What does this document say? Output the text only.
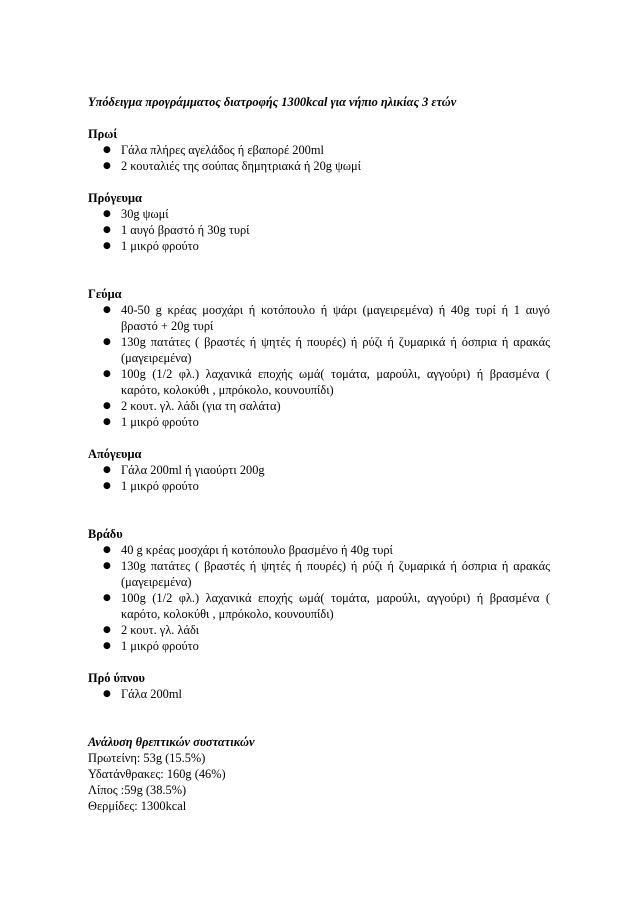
Υπόδειγμα προγράμματος διατροφής 1300kcal για νήπιο ηλικίας 3 ετών

Πρωί

● Γάλα πλήρες αγελάδος ή εβαπορέ 200ml
● 2 κουταλιές της σούπας δημητριακά ή 20g ψωμί

Πρόγευμα

● 30g ψωμί
● 1 αυγό βραστό ή 30g τυρί
● 1 μικρό φρούτο

Γεύμα

● 40-50 g κρέας μοσχάρι ή κοτόπουλο ή ψάρι (μαγειρεμένα) ή 40g τυρί ή 1 αυγό βραστό + 20g τυρί
● 130g πατάτες ( βραστές ή ψητές ή πουρές) ή ρύζι ή ζυμαρικά ή όσπρια ή αρακάς (μαγειρεμένα)
● 100g (1/2 φλ.) λαχανικά εποχής ωμά( τομάτα, μαρούλι, αγγούρι) ή βρασμένα ( καρότο, κολοκύθι , μπρόκολο, κουνουπίδι)
● 2 κουτ. γλ. λάδι (για τη σαλάτα)
● 1 μικρό φρούτο

Απόγευμα

● Γάλα 200ml ή γιαούρτι 200g
● 1 μικρό φρούτο

Βράδυ

● 40 g κρέας μοσχάρι ή κοτόπουλο βρασμένο ή 40g τυρί
● 130g πατάτες ( βραστές ή ψητές ή πουρές) ή ρύζι ή ζυμαρικά ή όσπρια ή αρακάς (μαγειρεμένα)
● 100g (1/2 φλ.) λαχανικά εποχής ωμά( τομάτα, μαρούλι, αγγούρι) ή βρασμένα ( καρότο, κολοκύθι , μπρόκολο, κουνουπίδι)
● 2 κουτ. γλ. λάδι
● 1 μικρό φρούτο

Πρό ύπνου

● Γάλα 200ml

Ανάλυση θρεπτικών συστατικών

Πρωτείνη: 53g (15.5%)

Υδατάνθρακες: 160g (46%)

Λίπος :59g (38.5%)

Θερμίδες: 1300kcal
